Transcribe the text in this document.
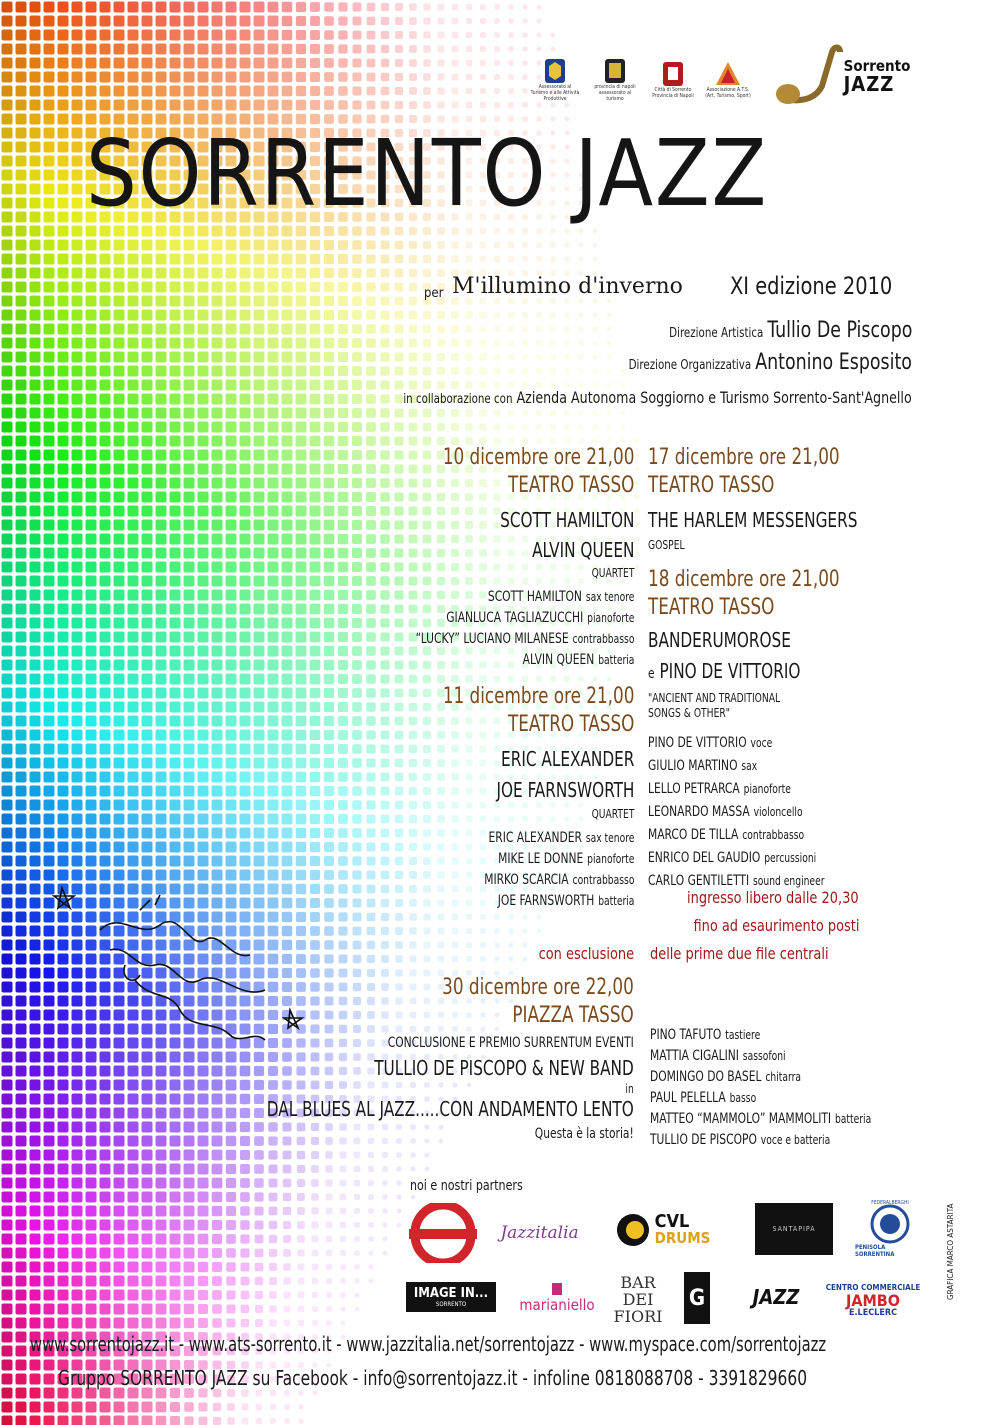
Assessorato al Turismo e alle Attività Produttive
provincia di napoli assessorato al turismo
Città di Sorrento Provincia di Napoli
Associazione A.T.S. (Art, Turismo, Sport)
Sorrento
JAZZ
SORRENTO JAZZ
per M'illumino d'inverno XI edizione 2010
Direzione Artistica Tullio De Piscopo
Direzione Organizzativa Antonino Esposito
in collaborazione con Azienda Autonoma Soggiorno e Turismo Sorrento-Sant'Agnello
10 dicembre ore 21,00
TEATRO TASSO
SCOTT HAMILTON
ALVIN QUEEN
QUARTET
SCOTT HAMILTON sax tenore
GIANLUCA TAGLIAZUCCHI pianoforte
“LUCKY” LUCIANO MILANESE contrabbasso
ALVIN QUEEN batteria
11 dicembre ore 21,00
TEATRO TASSO
ERIC ALEXANDER
JOE FARNSWORTH
QUARTET
ERIC ALEXANDER sax tenore
MIKE LE DONNE pianoforte
MIRKO SCARCIA contrabbasso
JOE FARNSWORTH batteria
17 dicembre ore 21,00
TEATRO TASSO
THE HARLEM MESSENGERS
GOSPEL
18 dicembre ore 21,00
TEATRO TASSO
BANDERUMOROSE
e PINO DE VITTORIO
"ANCIENT AND TRADITIONAL
SONGS & OTHER"
PINO DE VITTORIO voce
GIULIO MARTINO sax
LELLO PETRARCA pianoforte
LEONARDO MASSA violoncello
MARCO DE TILLA contrabbasso
ENRICO DEL GAUDIO percussioni
CARLO GENTILETTI sound engineer
ingresso libero dalle 20,30
fino ad esaurimento posti
con esclusione delle prime due file centrali
30 dicembre ore 22,00
PIAZZA TASSO
CONCLUSIONE E PREMIO SURRENTUM EVENTI
TULLIO DE PISCOPO & NEW BAND
in
DAL BLUES AL JAZZ.....CON ANDAMENTO LENTO
Questa è la storia!
PINO TAFUTO tastiere
MATTIA CIGALINI sassofoni
DOMINGO DO BASEL chitarra
PAUL PELELLA basso
MATTEO “MAMMOLO” MAMMOLITI batteria
TULLIO DE PISCOPO voce e batteria
noi e nostri partners
Jazzitalia
CVL
DRUMS	SANTAPIPA
PENISOLA SORRENTINA
FEDERALBERGHI
IMAGE IN...
SORRENTO	marianiello
BAR
DEI
FIORI
G JAZZ	CENTRO COMMERCIALE
JAMBO
E.LECLERC
GRAFICA MARCO ASTARITA
www.sorrentojazz.it - www.ats-sorrento.it - www.jazzitalia.net/sorrentojazz - www.myspace.com/sorrentojazz
Gruppo SORRENTO JAZZ su Facebook - info@sorrentojazz.it - infoline 0818088708 - 3391829660
